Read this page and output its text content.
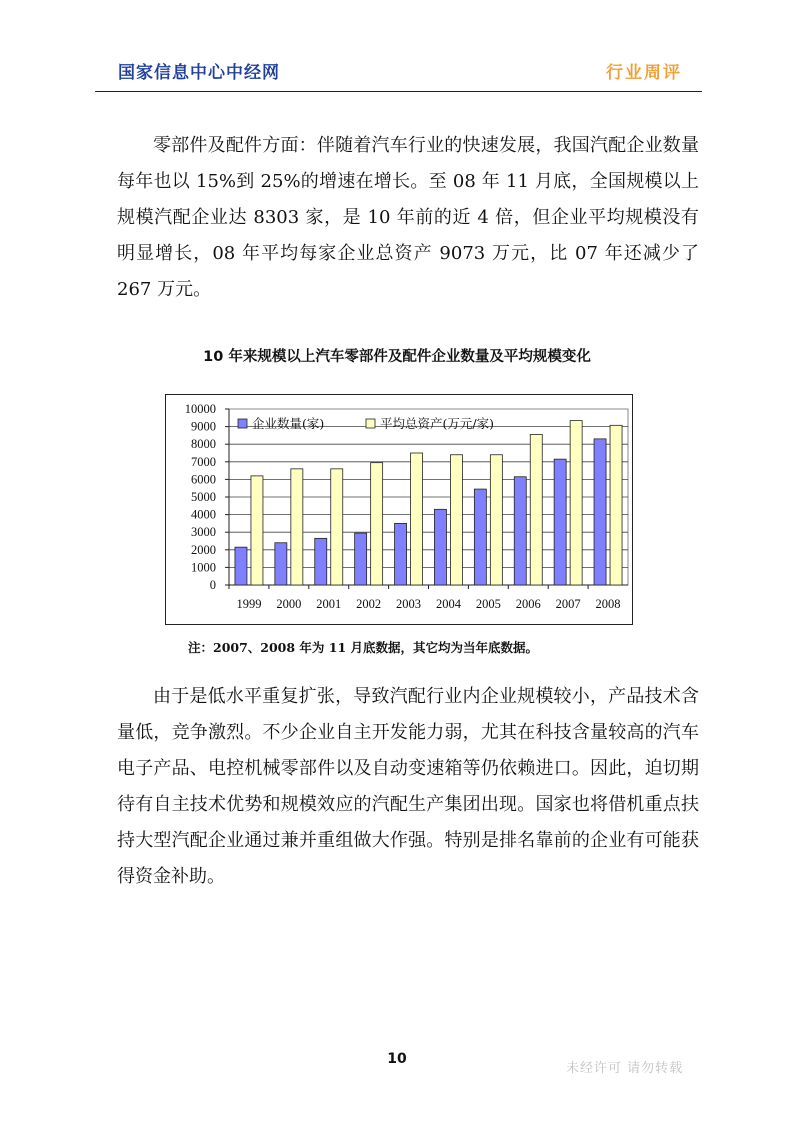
国家信息中心中经网	行业周评

零部件及配件方面：伴随着汽车行业的快速发展，我国汽配企业数量每年也以 15%到 25%的增速在增长。至 08 年 11 月底，全国规模以上规模汽配企业达 8303 家，是 10 年前的近 4 倍，但企业平均规模没有明显增长，08 年平均每家企业总资产 9073 万元，比 07 年还减少了 267 万元。

10 年来规模以上汽车零部件及配件企业数量及平均规模变化
0
1000
2000
3000
4000
5000
6000
7000
8000
9000
10000
1999 2000 2001 2002 2003 2004 2005 2006 2007 2008
企业数量(家)	平均总资产(万元/家)
注：2007、2008 年为 11 月底数据，其它均为当年底数据。

由于是低水平重复扩张，导致汽配行业内企业规模较小，产品技术含量低，竞争激烈。不少企业自主开发能力弱，尤其在科技含量较高的汽车电子产品、电控机械零部件以及自动变速箱等仍依赖进口。因此，迫切期待有自主技术优势和规模效应的汽配生产集团出现。国家也将借机重点扶持大型汽配企业通过兼并重组做大作强。特别是排名靠前的企业有可能获得资金补助。

10
未经许可 请勿转载
